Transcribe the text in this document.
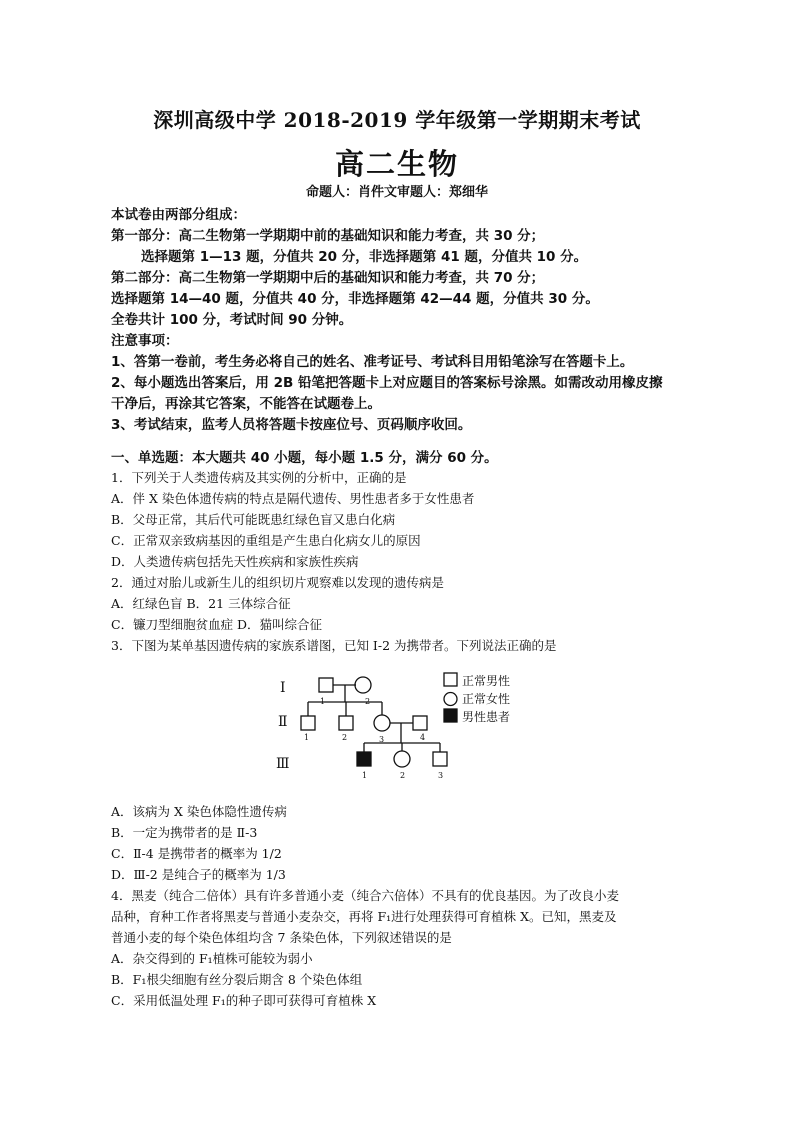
深圳高级中学 2018-2019 学年级第一学期期末考试
高二生物
命题人：肖件文审题人：郑细华
本试卷由两部分组成：
第一部分：高二生物第一学期期中前的基础知识和能力考查，共 30 分；
选择题第 1—13 题，分值共 20 分，非选择题第 41 题，分值共 10 分。
第二部分：高二生物第一学期期中后的基础知识和能力考查，共 70 分；
选择题第 14—40 题，分值共 40 分，非选择题第 42—44 题，分值共 30 分。
全卷共计 100 分，考试时间 90 分钟。
注意事项：
1、答第一卷前，考生务必将自己的姓名、准考证号、考试科目用铅笔涂写在答题卡上。
2、每小题选出答案后，用 2B 铅笔把答题卡上对应题目的答案标号涂黑。如需改动用橡皮擦
干净后，再涂其它答案，不能答在试题卷上。
3、考试结束，监考人员将答题卡按座位号、页码顺序收回。
一、单选题：本大题共 40 小题，每小题 1.5 分，满分 60 分。
1．下列关于人类遗传病及其实例的分析中，正确的是
A．伴 X 染色体遗传病的特点是隔代遗传、男性患者多于女性患者
B．父母正常，其后代可能既患红绿色盲又患白化病
C．正常双亲致病基因的重组是产生患白化病女儿的原因
D．人类遗传病包括先天性疾病和家族性疾病
2．通过对胎儿或新生儿的组织切片观察难以发现的遗传病是
A．红绿色盲 B．21 三体综合征
C．镰刀型细胞贫血症 D．猫叫综合征
3．下图为某单基因遗传病的家族系谱图，已知 Ⅰ-2 为携带者。下列说法正确的是
Ⅰ
Ⅱ
Ⅲ
1	2
1	2	3	4
1	2	3
正常男性
正常女性
男性患者
A．该病为 X 染色体隐性遗传病
B．一定为携带者的是 Ⅱ-3
C．Ⅱ-4 是携带者的概率为 1/2
D．Ⅲ-2 是纯合子的概率为 1/3
4．黑麦（纯合二倍体）具有许多普通小麦（纯合六倍体）不具有的优良基因。为了改良小麦
品种，育种工作者将黑麦与普通小麦杂交，再将 F₁进行处理获得可育植株 X。已知，黑麦及
普通小麦的每个染色体组均含 7 条染色体，下列叙述错误的是
A．杂交得到的 F₁植株可能较为弱小
B．F₁根尖细胞有丝分裂后期含 8 个染色体组
C．采用低温处理 F₁的种子即可获得可育植株 X
